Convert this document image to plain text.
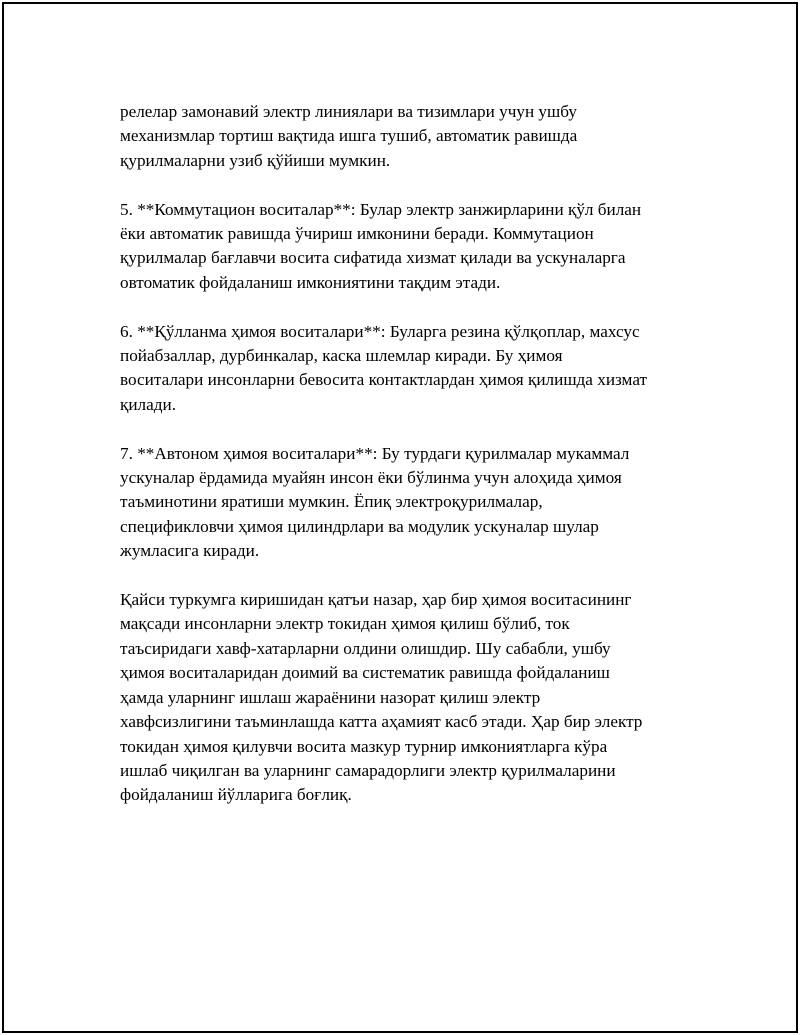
релелар замонавий электр линиялари ва тизимлари учун ушбу
механизмлар тортиш вақтида ишга тушиб, автоматик равишда
қурилмаларни узиб қўйиши мумкин.

5. **Коммутацион воситалар**: Булар электр занжирларини қўл билан
ёки автоматик равишда ўчириш имконини беради. Коммутацион
қурилмалар бағлавчи восита сифатида хизмат қилади ва ускуналарга
овтоматик фойдаланиш имкониятини тақдим этади.

6. **Қўлланма ҳимоя воситалари**: Буларга резина қўлқоплар, махсус
пойабзаллар, дурбинкалар, каска шлемлар киради. Бу ҳимоя
воситалари инсонларни бевосита контактлардан ҳимоя қилишда хизмат
қилади.

7. **Автоном ҳимоя воситалари**: Бу турдаги қурилмалар мукаммал
ускуналар ёрдамида муайян инсон ёки бўлинма учун алоҳида ҳимоя
таъминотини яратиши мумкин. Ёпиқ электроқурилмалар,
спецификловчи ҳимоя цилиндрлари ва модулик ускуналар шулар
жумласига киради.

Қайси туркумга киришидан қатъи назар, ҳар бир ҳимоя воситасининг
мақсади инсонларни электр токидан ҳимоя қилиш бўлиб, ток
таъсиридаги хавф-хатарларни олдини олишдир. Шу сабабли, ушбу
ҳимоя воситаларидан доимий ва систематик равишда фойдаланиш
ҳамда уларнинг ишлаш жараёнини назорат қилиш электр
хавфсизлигини таъминлашда катта аҳамият касб этади. Ҳар бир электр
токидан ҳимоя қилувчи восита мазкур турнир имкониятларга кўра
ишлаб чиқилган ва уларнинг самарадорлиги электр қурилмаларини
фойдаланиш йўлларига боғлиқ.
